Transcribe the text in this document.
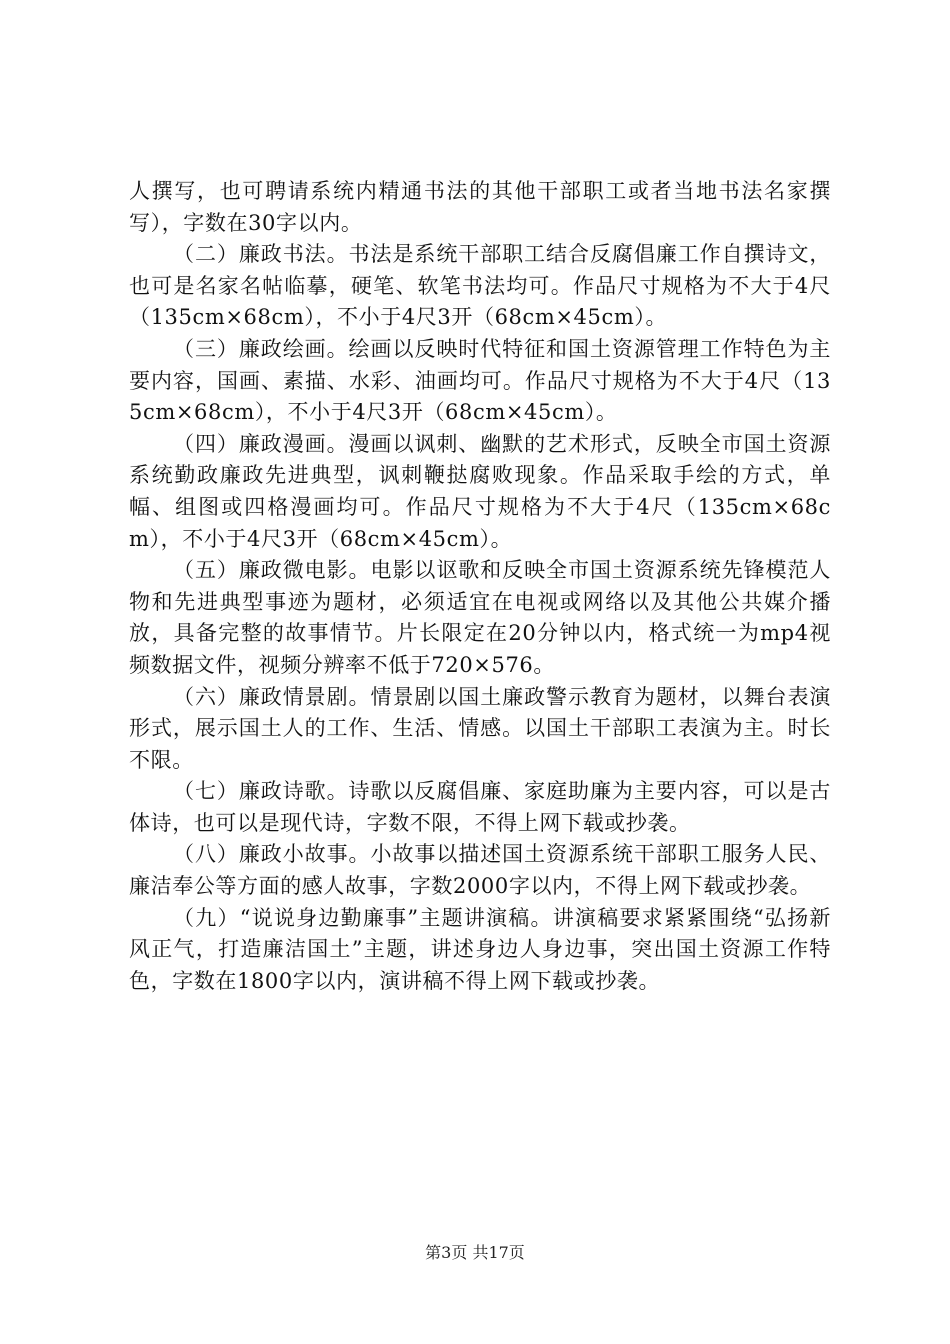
人撰写，也可聘请系统内精通书法的其他干部职工或者当地书法名家撰写），字数在30字以内。

（二）廉政书法。书法是系统干部职工结合反腐倡廉工作自撰诗文，也可是名家名帖临摹，硬笔、软笔书法均可。作品尺寸规格为不大于4尺（135cm×68cm），不小于4尺3开（68cm×45cm）。

（三）廉政绘画。绘画以反映时代特征和国土资源管理工作特色为主要内容，国画、素描、水彩、油画均可。作品尺寸规格为不大于4尺（135cm×68cm），不小于4尺3开（68cm×45cm）。

（四）廉政漫画。漫画以讽刺、幽默的艺术形式，反映全市国土资源系统勤政廉政先进典型，讽刺鞭挞腐败现象。作品采取手绘的方式，单幅、组图或四格漫画均可。作品尺寸规格为不大于4尺（135cm×68cm），不小于4尺3开（68cm×45cm）。

（五）廉政微电影。电影以讴歌和反映全市国土资源系统先锋模范人物和先进典型事迹为题材，必须适宜在电视或网络以及其他公共媒介播放，具备完整的故事情节。片长限定在20分钟以内，格式统一为mp4视频数据文件，视频分辨率不低于720×576。

（六）廉政情景剧。情景剧以国土廉政警示教育为题材，以舞台表演形式，展示国土人的工作、生活、情感。以国土干部职工表演为主。时长不限。

（七）廉政诗歌。诗歌以反腐倡廉、家庭助廉为主要内容，可以是古体诗，也可以是现代诗，字数不限，不得上网下载或抄袭。

（八）廉政小故事。小故事以描述国土资源系统干部职工服务人民、廉洁奉公等方面的感人故事，字数2000字以内，不得上网下载或抄袭。

（九）“说说身边勤廉事”主题讲演稿。讲演稿要求紧紧围绕“弘扬新风正气，打造廉洁国土”主题，讲述身边人身边事，突出国土资源工作特色，字数在1800字以内，演讲稿不得上网下载或抄袭。

第3页 共17页
